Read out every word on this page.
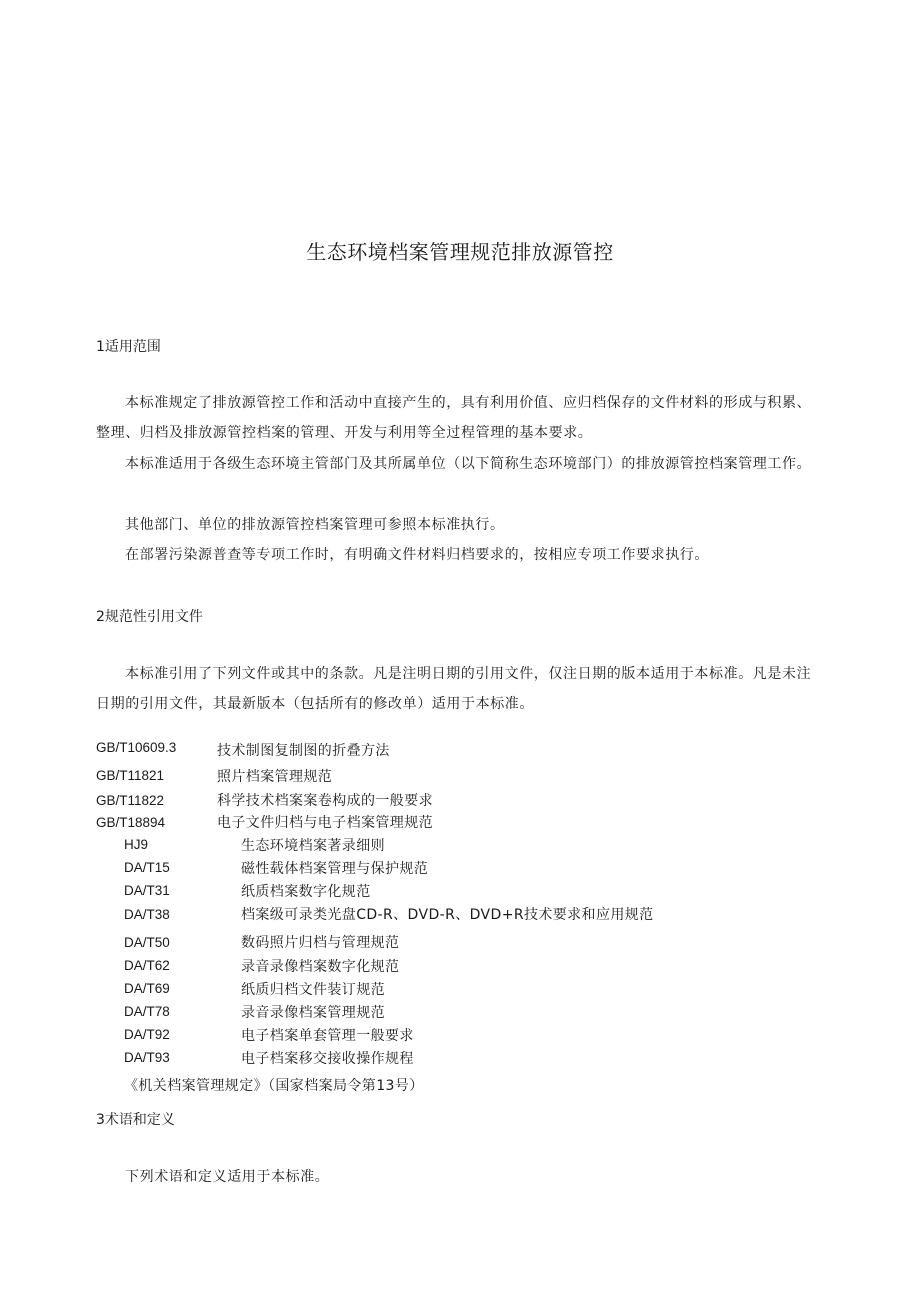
生态环境档案管理规范排放源管控
1适用范围
本标准规定了排放源管控工作和活动中直接产生的，具有利用价值、应归档保存的文件材料的形成与积累、整理、归档及排放源管控档案的管理、开发与利用等全过程管理的基本要求。
本标准适用于各级生态环境主管部门及其所属单位（以下简称生态环境部门）的排放源管控档案管理工作。
其他部门、单位的排放源管控档案管理可参照本标准执行。
在部署污染源普查等专项工作时，有明确文件材料归档要求的，按相应专项工作要求执行。
2规范性引用文件
本标准引用了下列文件或其中的条款。凡是注明日期的引用文件，仅注日期的版本适用于本标准。凡是未注日期的引用文件，其最新版本（包括所有的修改单）适用于本标准。
GB/T10609.3	技术制图复制图的折叠方法
GB/T11821	照片档案管理规范
GB/T11822	科学技术档案案卷构成的一般要求
GB/T18894	电子文件归档与电子档案管理规范
HJ9	生态环境档案著录细则
DA/T15	磁性载体档案管理与保护规范
DA/T31	纸质档案数字化规范
DA/T38	档案级可录类光盘CD-R、DVD-R、DVD+R技术要求和应用规范
DA/T50	数码照片归档与管理规范
DA/T62	录音录像档案数字化规范
DA/T69	纸质归档文件装订规范
DA/T78	录音录像档案管理规范
DA/T92	电子档案单套管理一般要求
DA/T93	电子档案移交接收操作规程
《机关档案管理规定》（国家档案局令第13号）
3术语和定义
下列术语和定义适用于本标准。
